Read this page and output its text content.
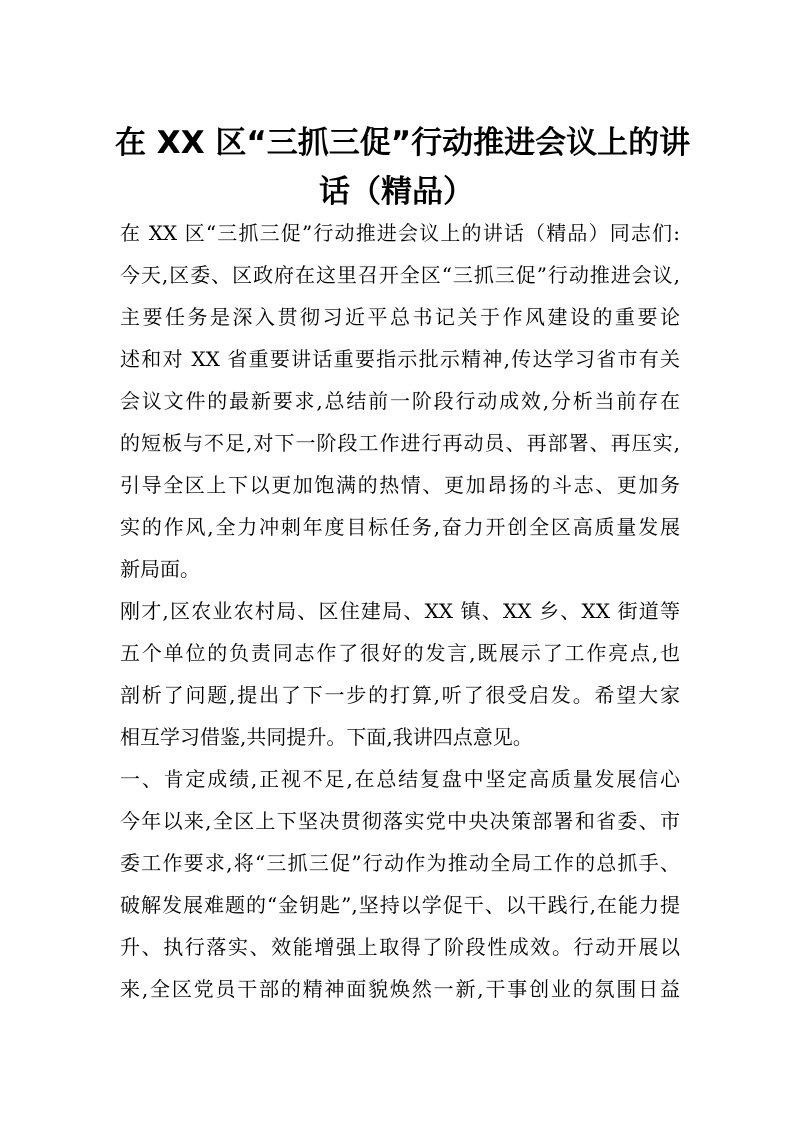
在 XX 区“三抓三促”行动推进会议上的讲
话（精品）
在 XX 区“三抓三促”行动推进会议上的讲话（精品）同志们:
今天,区委、区政府在这里召开全区“三抓三促”行动推进会议,
主要任务是深入贯彻习近平总书记关于作风建设的重要论
述和对 XX 省重要讲话重要指示批示精神,传达学习省市有关
会议文件的最新要求,总结前一阶段行动成效,分析当前存在
的短板与不足,对下一阶段工作进行再动员、再部署、再压实,
引导全区上下以更加饱满的热情、更加昂扬的斗志、更加务
实的作风,全力冲刺年度目标任务,奋力开创全区高质量发展
新局面。
刚才,区农业农村局、区住建局、XX 镇、XX 乡、XX 街道等
五个单位的负责同志作了很好的发言,既展示了工作亮点,也
剖析了问题,提出了下一步的打算,听了很受启发。希望大家
相互学习借鉴,共同提升。下面,我讲四点意见。
一、肯定成绩,正视不足,在总结复盘中坚定高质量发展信心
今年以来,全区上下坚决贯彻落实党中央决策部署和省委、市
委工作要求,将“三抓三促”行动作为推动全局工作的总抓手、
破解发展难题的“金钥匙”,坚持以学促干、以干践行,在能力提
升、执行落实、效能增强上取得了阶段性成效。行动开展以
来,全区党员干部的精神面貌焕然一新,干事创业的氛围日益
